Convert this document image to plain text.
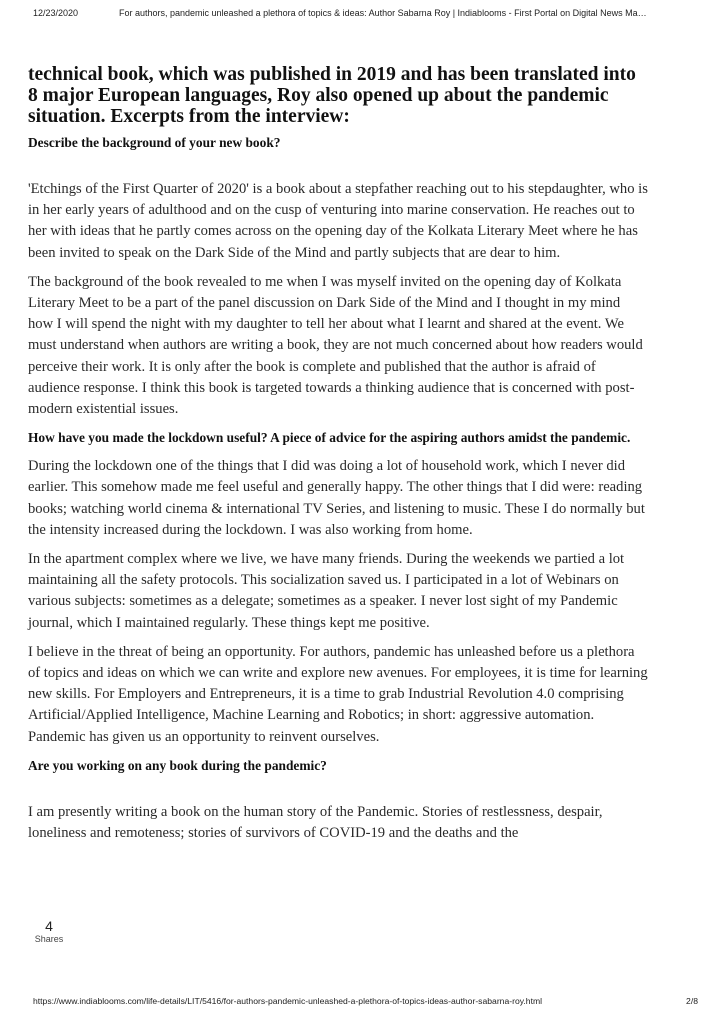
12/23/2020	For authors, pandemic unleashed a plethora of topics & ideas: Author Sabarna Roy | Indiablooms - First Portal on Digital News Ma…

technical book, which was published in 2019 and has been translated into 8 major European languages, Roy also opened up about the pandemic situation. Excerpts from the interview:

Describe the background of your new book?

'Etchings of the First Quarter of 2020' is a book about a stepfather reaching out to his stepdaughter, who is in her early years of adulthood and on the cusp of venturing into marine conservation. He reaches out to her with ideas that he partly comes across on the opening day of the Kolkata Literary Meet where he has been invited to speak on the Dark Side of the Mind and partly subjects that are dear to him.

The background of the book revealed to me when I was myself invited on the opening day of Kolkata Literary Meet to be a part of the panel discussion on Dark Side of the Mind and I thought in my mind how I will spend the night with my daughter to tell her about what I learnt and shared at the event. We must understand when authors are writing a book, they are not much concerned about how readers would perceive their work. It is only after the book is complete and published that the author is afraid of audience response. I think this book is targeted towards a thinking audience that is concerned with post-modern existential issues.

How have you made the lockdown useful? A piece of advice for the aspiring authors amidst the pandemic.

During the lockdown one of the things that I did was doing a lot of household work, which I never did earlier. This somehow made me feel useful and generally happy. The other things that I did were: reading books; watching world cinema & international TV Series, and listening to music. These I do normally but the intensity increased during the lockdown. I was also working from home.

In the apartment complex where we live, we have many friends. During the weekends we partied a lot maintaining all the safety protocols. This socialization saved us. I participated in a lot of Webinars on various subjects: sometimes as a delegate; sometimes as a speaker. I never lost sight of my Pandemic journal, which I maintained regularly. These things kept me positive.

I believe in the threat of being an opportunity. For authors, pandemic has unleashed before us a plethora of topics and ideas on which we can write and explore new avenues. For employees, it is time for learning new skills. For Employers and Entrepreneurs, it is a time to grab Industrial Revolution 4.0 comprising Artificial/Applied Intelligence, Machine Learning and Robotics; in short: aggressive automation. Pandemic has given us an opportunity to reinvent ourselves.

Are you working on any book during the pandemic?

I am presently writing a book on the human story of the Pandemic. Stories of restlessness, despair, loneliness and remoteness; stories of survivors of COVID-19 and the deaths and the

4
Shares
https://www.indiablooms.com/life-details/LIT/5416/for-authors-pandemic-unleashed-a-plethora-of-topics-ideas-author-sabarna-roy.html	2/8
